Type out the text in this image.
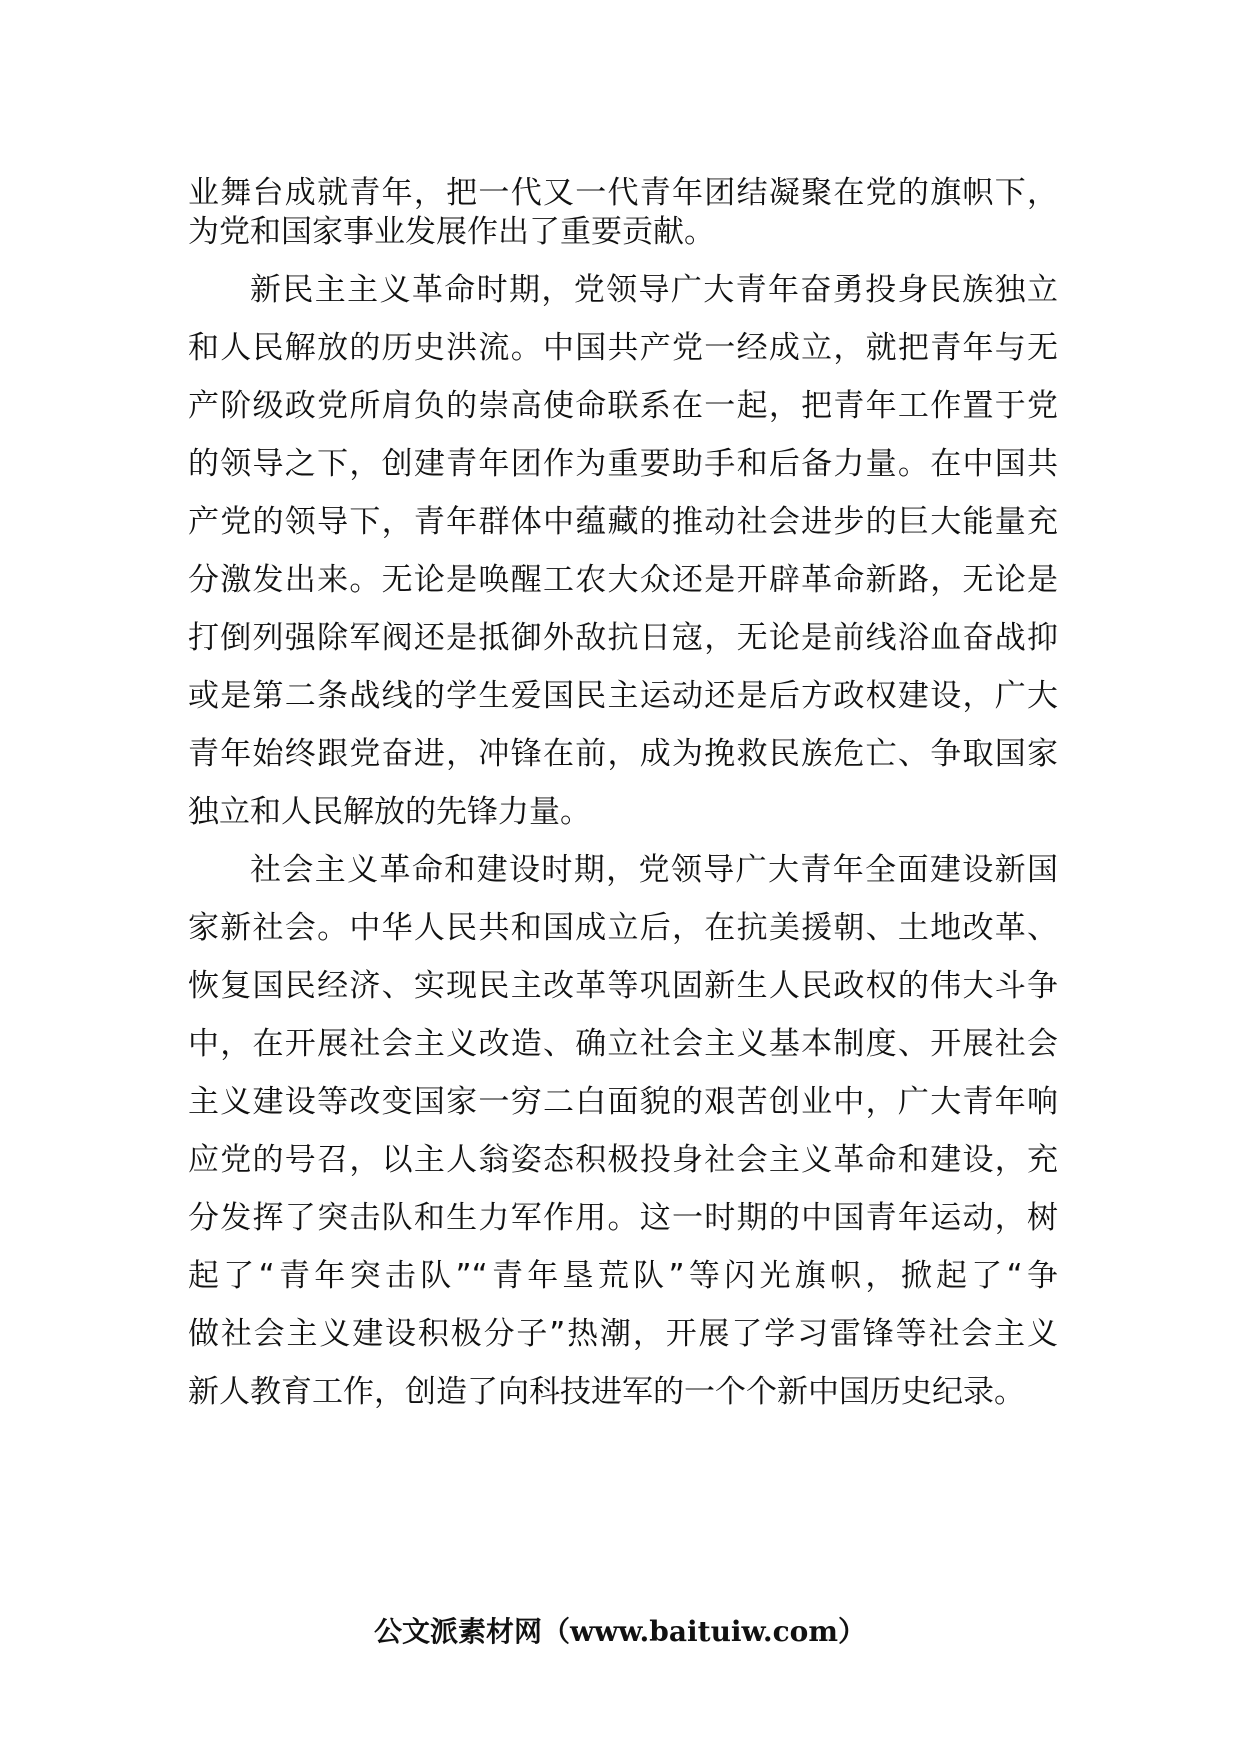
业舞台成就青年，把一代又一代青年团结凝聚在党的旗帜下，
为党和国家事业发展作出了重要贡献。
新民主主义革命时期，党领导广大青年奋勇投身民族独立
和人民解放的历史洪流。中国共产党一经成立，就把青年与无
产阶级政党所肩负的崇高使命联系在一起，把青年工作置于党
的领导之下，创建青年团作为重要助手和后备力量。在中国共
产党的领导下，青年群体中蕴藏的推动社会进步的巨大能量充
分激发出来。无论是唤醒工农大众还是开辟革命新路，无论是
打倒列强除军阀还是抵御外敌抗日寇，无论是前线浴血奋战抑
或是第二条战线的学生爱国民主运动还是后方政权建设，广大
青年始终跟党奋进，冲锋在前，成为挽救民族危亡、争取国家
独立和人民解放的先锋力量。
社会主义革命和建设时期，党领导广大青年全面建设新国
家新社会。中华人民共和国成立后，在抗美援朝、土地改革、
恢复国民经济、实现民主改革等巩固新生人民政权的伟大斗争
中，在开展社会主义改造、确立社会主义基本制度、开展社会
主义建设等改变国家一穷二白面貌的艰苦创业中，广大青年响
应党的号召，以主人翁姿态积极投身社会主义革命和建设，充
分发挥了突击队和生力军作用。这一时期的中国青年运动，树
起了“青年突击队”“青年垦荒队”等闪光旗帜，掀起了“争
做社会主义建设积极分子”热潮，开展了学习雷锋等社会主义
新人教育工作，创造了向科技进军的一个个新中国历史纪录。
公文派素材网（www.baituiw.com）
